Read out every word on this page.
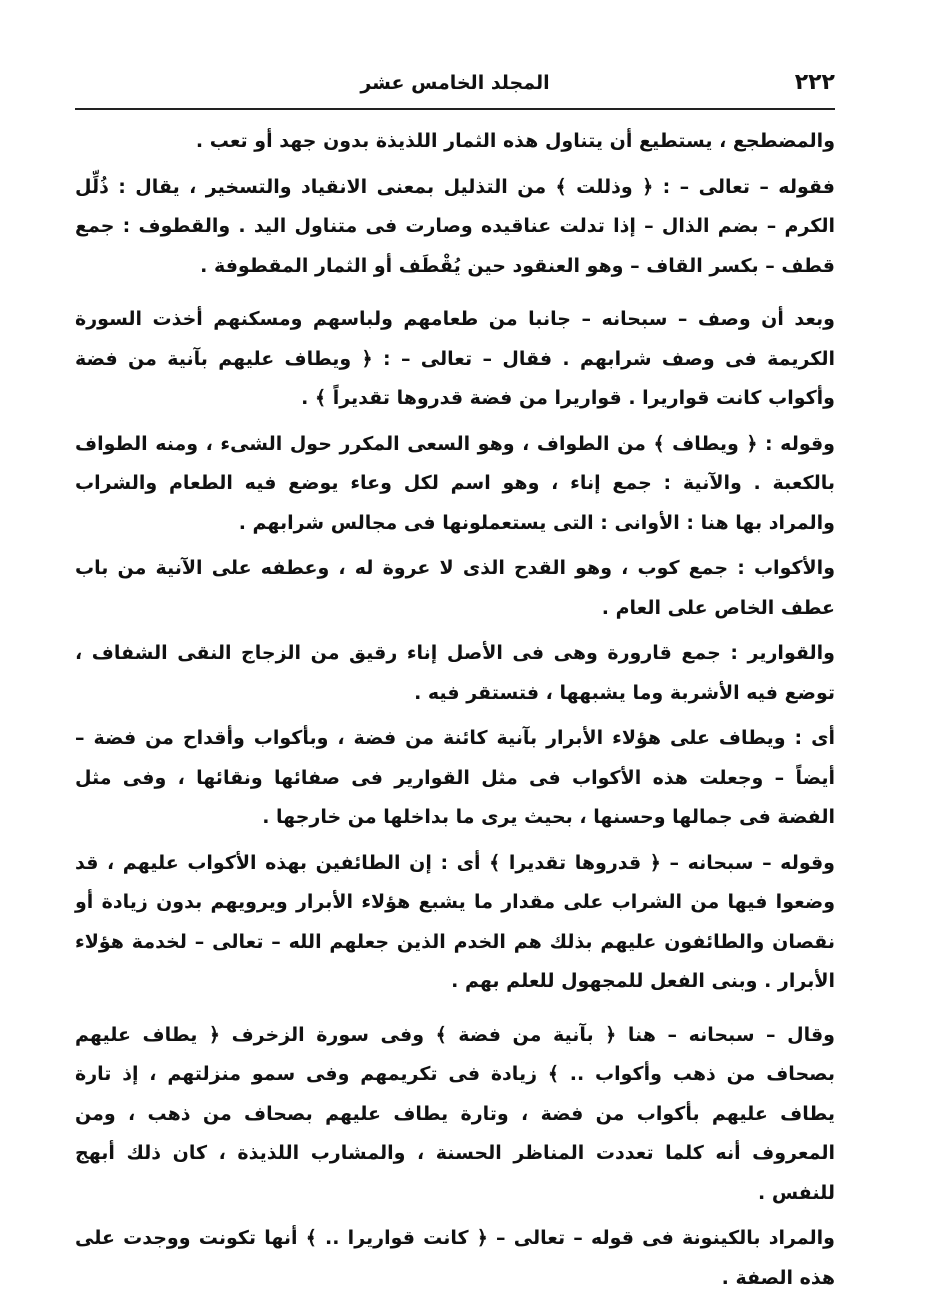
٢٢٢
المجلد الخامس عشر

والمضطجع ، يستطيع أن يتناول هذه الثمار اللذيذة بدون جهد أو تعب .

فقوله – تعالى – : ﴿ وذللت ﴾ من التذليل بمعنى الانقياد والتسخير ، يقال : ذُلِّل الكرم – بضم الذال – إذا تدلت عناقيده وصارت فى متناول اليد . والقطوف : جمع قطف – بكسر القاف – وهو العنقود حين يُقْطَف أو الثمار المقطوفة .

وبعد أن وصف – سبحانه – جانبا من طعامهم ولباسهم ومسكنهم أخذت السورة الكريمة فى وصف شرابهم . فقال – تعالى – : ﴿ ويطاف عليهم بآنية من فضة وأكواب كانت قواريرا . قواريرا من فضة قدروها تقديراً ﴾ .

وقوله : ﴿ ويطاف ﴾ من الطواف ، وهو السعى المكرر حول الشىء ، ومنه الطواف بالكعبة . والآنية : جمع إناء ، وهو اسم لكل وعاء يوضع فيه الطعام والشراب والمراد بها هنا : الأوانى : التى يستعملونها فى مجالس شرابهم .

والأكواب : جمع كوب ، وهو القدح الذى لا عروة له ، وعطفه على الآنية من باب عطف الخاص على العام .

والقوارير : جمع قارورة وهى فى الأصل إناء رقيق من الزجاج النقى الشفاف ، توضع فيه الأشربة وما يشبهها ، فتستقر فيه .

أى : ويطاف على هؤلاء الأبرار بآنية كائنة من فضة ، وبأكواب وأقداح من فضة – أيضاً – وجعلت هذه الأكواب فى مثل القوارير فى صفائها ونقائها ، وفى مثل الفضة فى جمالها وحسنها ، بحيث يرى ما بداخلها من خارجها .

وقوله – سبحانه – ﴿ قدروها تقديرا ﴾ أى : إن الطائفين بهذه الأكواب عليهم ، قد وضعوا فيها من الشراب على مقدار ما يشبع هؤلاء الأبرار ويرويهم بدون زيادة أو نقصان والطائفون عليهم بذلك هم الخدم الذين جعلهم الله – تعالى – لخدمة هؤلاء الأبرار . وبنى الفعل للمجهول للعلم بهم .

وقال – سبحانه – هنا ﴿ بآنية من فضة ﴾ وفى سورة الزخرف ﴿ يطاف عليهم بصحاف من ذهب وأكواب .. ﴾ زيادة فى تكريمهم وفى سمو منزلتهم ، إذ تارة يطاف عليهم بأكواب من فضة ، وتارة يطاف عليهم بصحاف من ذهب ، ومن المعروف أنه كلما تعددت المناظر الحسنة ، والمشارب اللذيذة ، كان ذلك أبهج للنفس .

والمراد بالكينونة فى قوله – تعالى – ﴿ كانت قواريرا .. ﴾ أنها تكونت ووجدت على هذه الصفة .
